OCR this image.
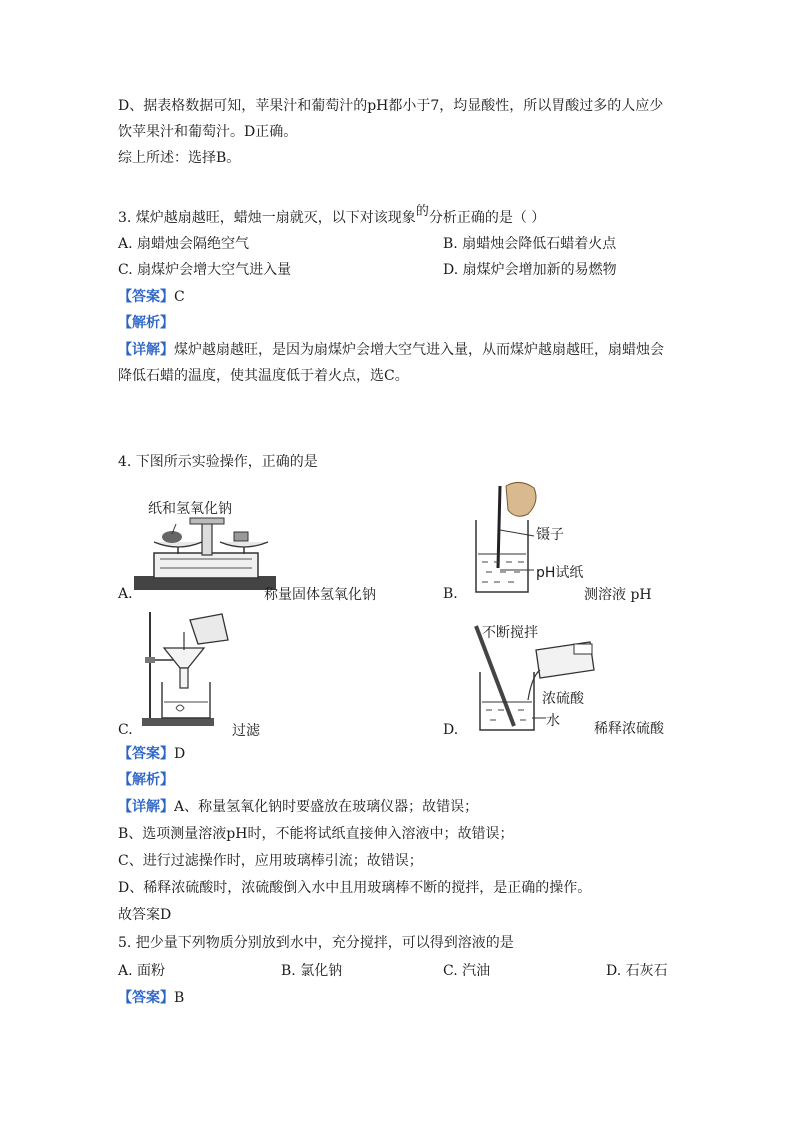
D、据表格数据可知，苹果汁和葡萄汁的pH都小于7，均显酸性，所以胃酸过多的人应少
饮苹果汁和葡萄汁。D正确。
综上所述：选择B。
3. 煤炉越扇越旺，蜡烛一扇就灭，以下对该现象的分析正确的是（ ）
A. 扇蜡烛会隔绝空气	B. 扇蜡烛会降低石蜡着火点
C. 扇煤炉会增大空气进入量	D. 扇煤炉会增加新的易燃物
【答案】C
【解析】
【详解】煤炉越扇越旺，是因为扇煤炉会增大空气进入量，从而煤炉越扇越旺，扇蜡烛会
降低石蜡的温度，使其温度低于着火点，选C。
4. 下图所示实验操作，正确的是
纸和氢氧化钠
A.	称量固体氢氧化钠
镊子
pH试纸
B.	测溶液 pH
C.	过滤
不断搅拌
浓硫酸
水
D.	稀释浓硫酸
【答案】D
【解析】
【详解】A、称量氢氧化钠时要盛放在玻璃仪器；故错误；
B、选项测量溶液pH时，不能将试纸直接伸入溶液中；故错误；
C、进行过滤操作时，应用玻璃棒引流；故错误；
D、稀释浓硫酸时，浓硫酸倒入水中且用玻璃棒不断的搅拌，是正确的操作。
故答案D
5. 把少量下列物质分别放到水中，充分搅拌，可以得到溶液的是
A. 面粉	B. 氯化钠	C. 汽油	D. 石灰石
【答案】B
